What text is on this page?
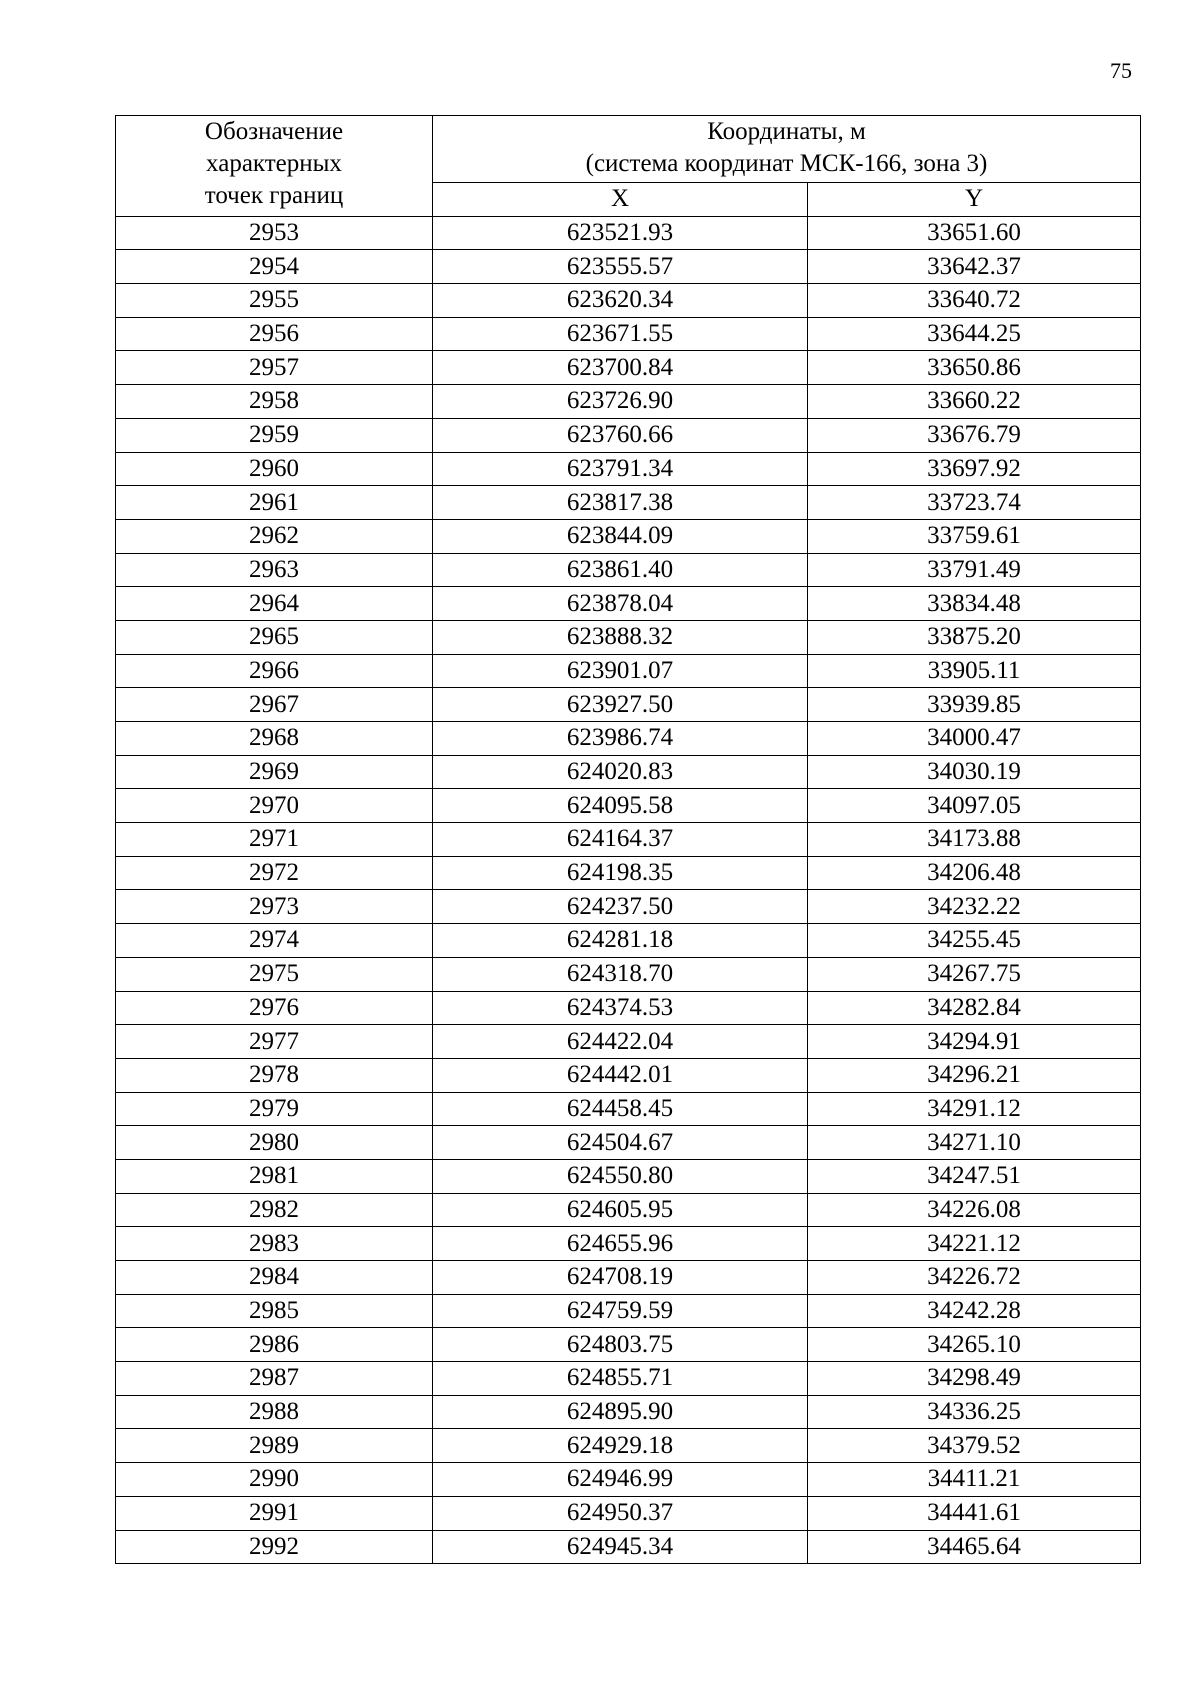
75
Обозначение
характерных
точек границ	Координаты, м
(система координат МСК-166, зона 3)	

	X	Y
2953	623521.93	33651.60
2954	623555.57	33642.37
2955	623620.34	33640.72
2956	623671.55	33644.25
2957	623700.84	33650.86
2958	623726.90	33660.22
2959	623760.66	33676.79
2960	623791.34	33697.92
2961	623817.38	33723.74
2962	623844.09	33759.61
2963	623861.40	33791.49
2964	623878.04	33834.48
2965	623888.32	33875.20
2966	623901.07	33905.11
2967	623927.50	33939.85
2968	623986.74	34000.47
2969	624020.83	34030.19
2970	624095.58	34097.05
2971	624164.37	34173.88
2972	624198.35	34206.48
2973	624237.50	34232.22
2974	624281.18	34255.45
2975	624318.70	34267.75
2976	624374.53	34282.84
2977	624422.04	34294.91
2978	624442.01	34296.21
2979	624458.45	34291.12
2980	624504.67	34271.10
2981	624550.80	34247.51
2982	624605.95	34226.08
2983	624655.96	34221.12
2984	624708.19	34226.72
2985	624759.59	34242.28
2986	624803.75	34265.10
2987	624855.71	34298.49
2988	624895.90	34336.25
2989	624929.18	34379.52
2990	624946.99	34411.21
2991	624950.37	34441.61
2992	624945.34	34465.64
